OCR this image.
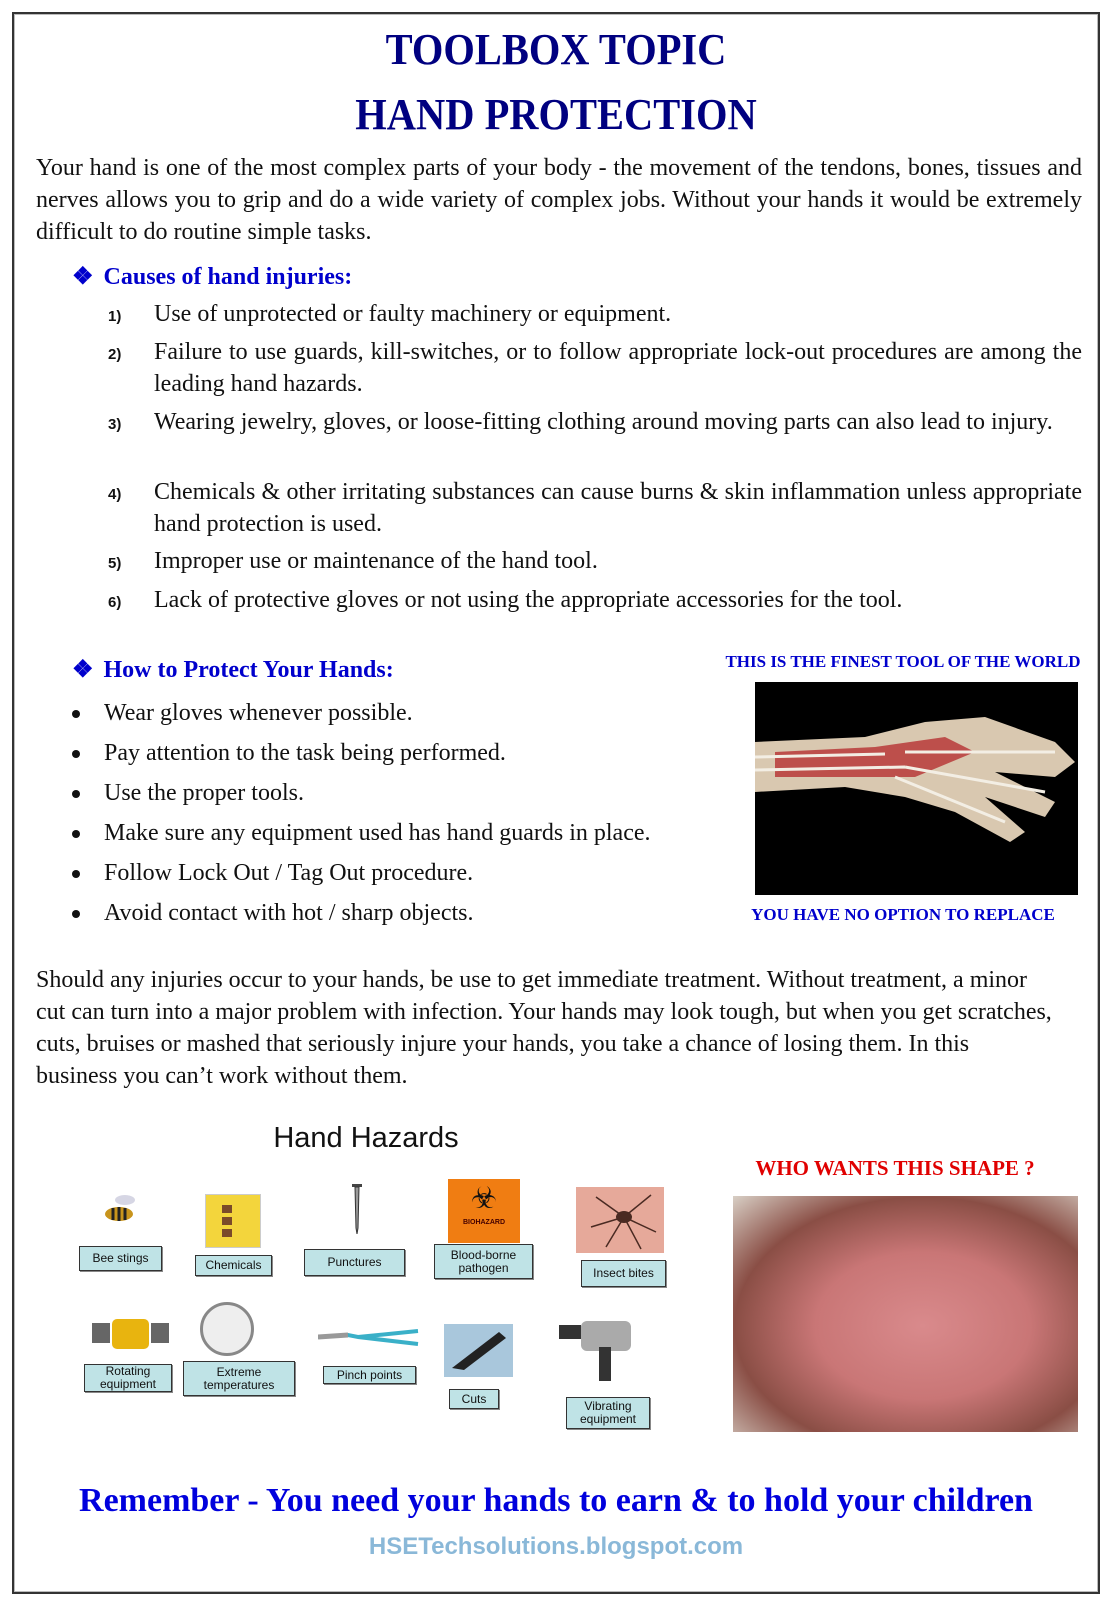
TOOLBOX TOPIC
HAND PROTECTION

Your hand is one of the most complex parts of your body - the movement of the tendons, bones, tissues and nerves allows you to grip and do a wide variety of complex jobs. Without your hands it would be extremely difficult to do routine simple tasks.

❖ Causes of hand injuries:
1) Use of unprotected or faulty machinery or equipment.

2) Failure to use guards, kill-switches, or to follow appropriate lock-out procedures are among the leading hand hazards.

3) Wearing jewelry, gloves, or loose-fitting clothing around moving parts can also lead to injury.

4) Chemicals & other irritating substances can cause burns & skin inflammation unless appropriate hand protection is used.

5) Improper use or maintenance of the hand tool.

6) Lack of protective gloves or not using the appropriate accessories for the tool.

❖ How to Protect Your Hands:
Wear gloves whenever possible.
Pay attention to the task being performed.
Use the proper tools.
Make sure any equipment used has hand guards in place.
Follow Lock Out / Tag Out procedure.
Avoid contact with hot / sharp objects.
THIS IS THE FINEST TOOL OF THE WORLD
YOU HAVE NO OPTION TO REPLACE

Should any injuries occur to your hands, be use to get immediate treatment. Without treatment, a minor cut can turn into a major problem with infection. Your hands may look tough, but when you get scratches, cuts, bruises or mashed that seriously injure your hands, you take a chance of losing them. In this business you can’t work without them.

Hand Hazards
☣
BIOHAZARD
Bee stings	Chemicals	Punctures
Blood-borne pathogen	Insect bites
Rotating equipment
Extreme temperatures
Pinch points
Cuts
Vibrating equipment
WHO WANTS THIS SHAPE ?
Remember - You need your hands to earn & to hold your children
HSETechsolutions.blogspot.com
